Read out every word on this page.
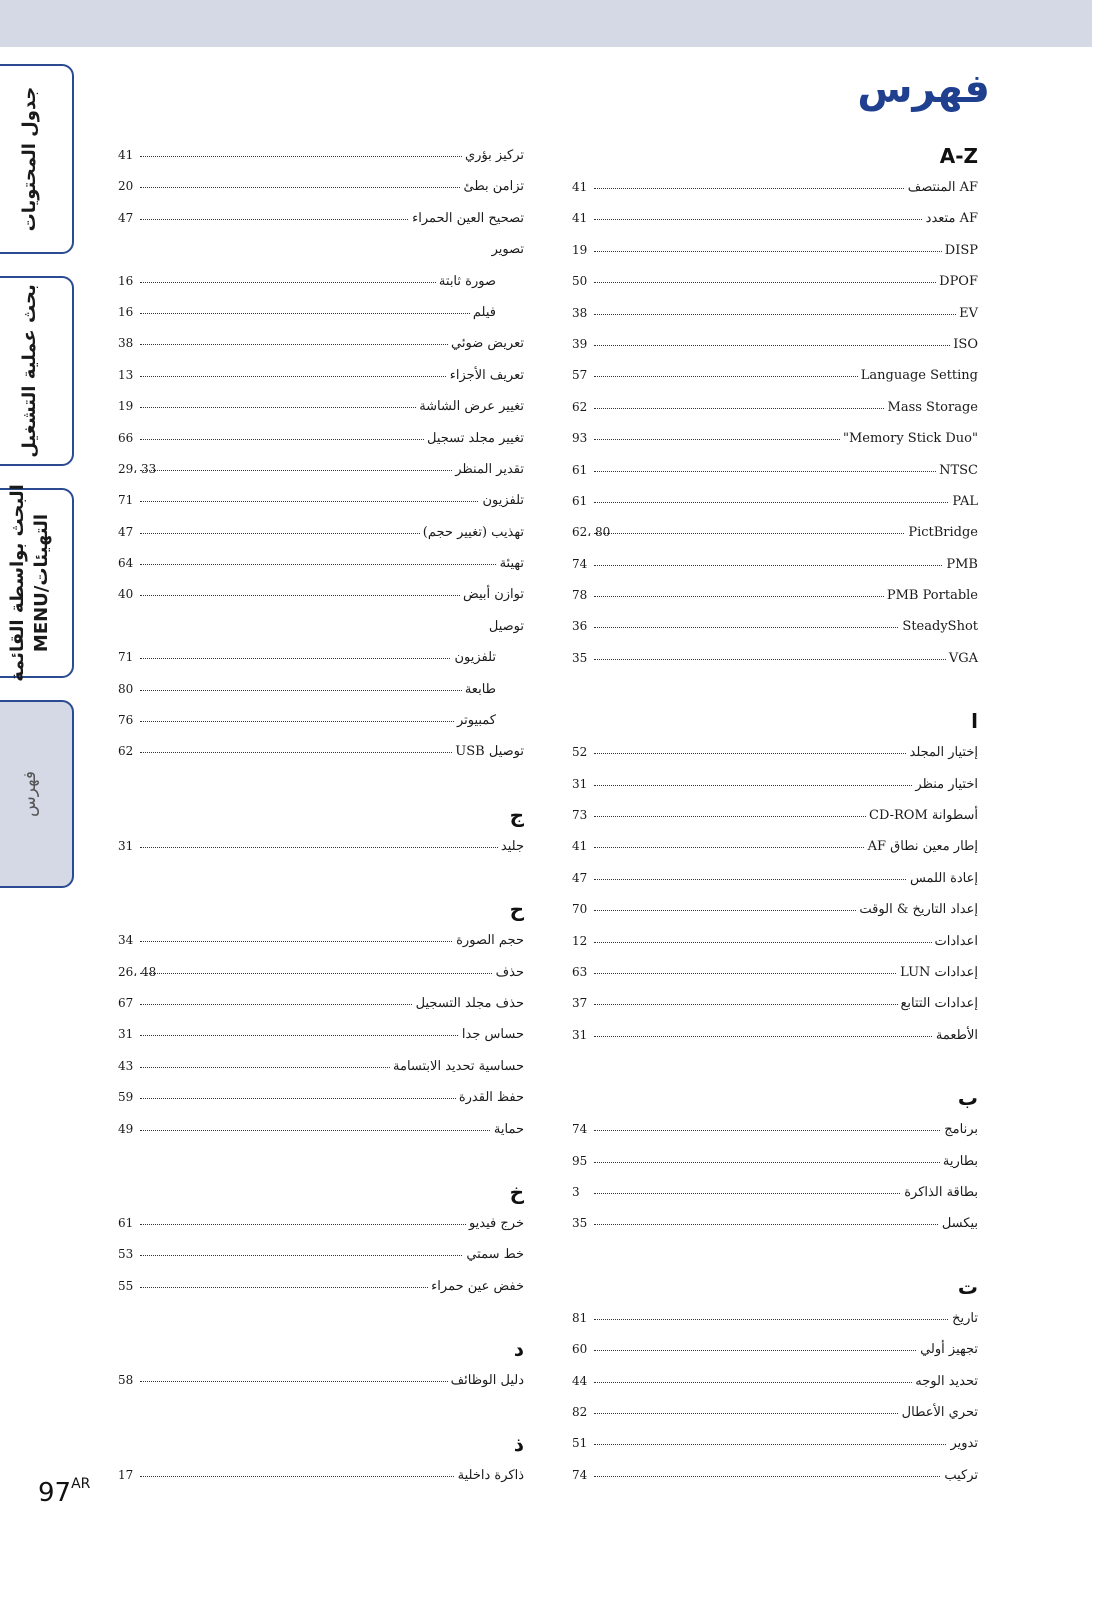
فهرس
جدول المحتويات
بحث عملية التشغيل
البحث بواسطة القائمة MENU/التهيئات
فهرس
A-Z
AF المنتصف
41
AF متعدد
41
DISP
19
DPOF
50
EV
38
ISO
39
Language Setting
57
Mass Storage
62
"Memory Stick Duo"
93
NTSC
61
PAL
61
PictBridge
62، 80
PMB
74
PMB Portable
78
SteadyShot
36
VGA
35
ا
إختيار المجلد
52
اختيار منظر
31
أسطوانة CD-ROM
73
إطار معين نطاق AF
41
إعادة اللمس
47
إعداد التاريخ & الوقت
70
اعدادات
12
إعدادات LUN
63
إعدادات التتابع
37
الأطعمة
31
ب
برنامج
74
بطارية
95
بطاقة الذاكرة
3
بيكسل
35
ت
تاريخ
81
تجهيز أولي
60
تحديد الوجه
44
تحري الأعطال
82
تدوير
51
تركيب
74
تركيز بؤري
41
تزامن بطئ
20
تصحيح العين الحمراء
47
تصوير
صورة ثابتة
16
فيلم
16
تعريض ضوئي
38
تعريف الأجزاء
13
تغيير عرض الشاشة
19
تغيير مجلد تسجيل
66
تقدير المنظر
29، 33
تلفزيون
71
تهذيب (تغيير حجم)
47
تهيئة
64
توازن أبيض
40
توصيل
تلفزيون
71
طابعة
80
كمبيوتر
76
توصيل USB
62
ج
جليد
31
ح
حجم الصورة
34
حذف
26، 48
حذف مجلد التسجيل
67
حساس جدا
31
حساسية تحديد الابتسامة
43
حفظ القدرة
59
حماية
49
خ
خرج فيديو
61
خط سمتي
53
خفض عين حمراء
55
د
دليل الوظائف
58
ذ
ذاكرة داخلية
17
$97^{AR}$
